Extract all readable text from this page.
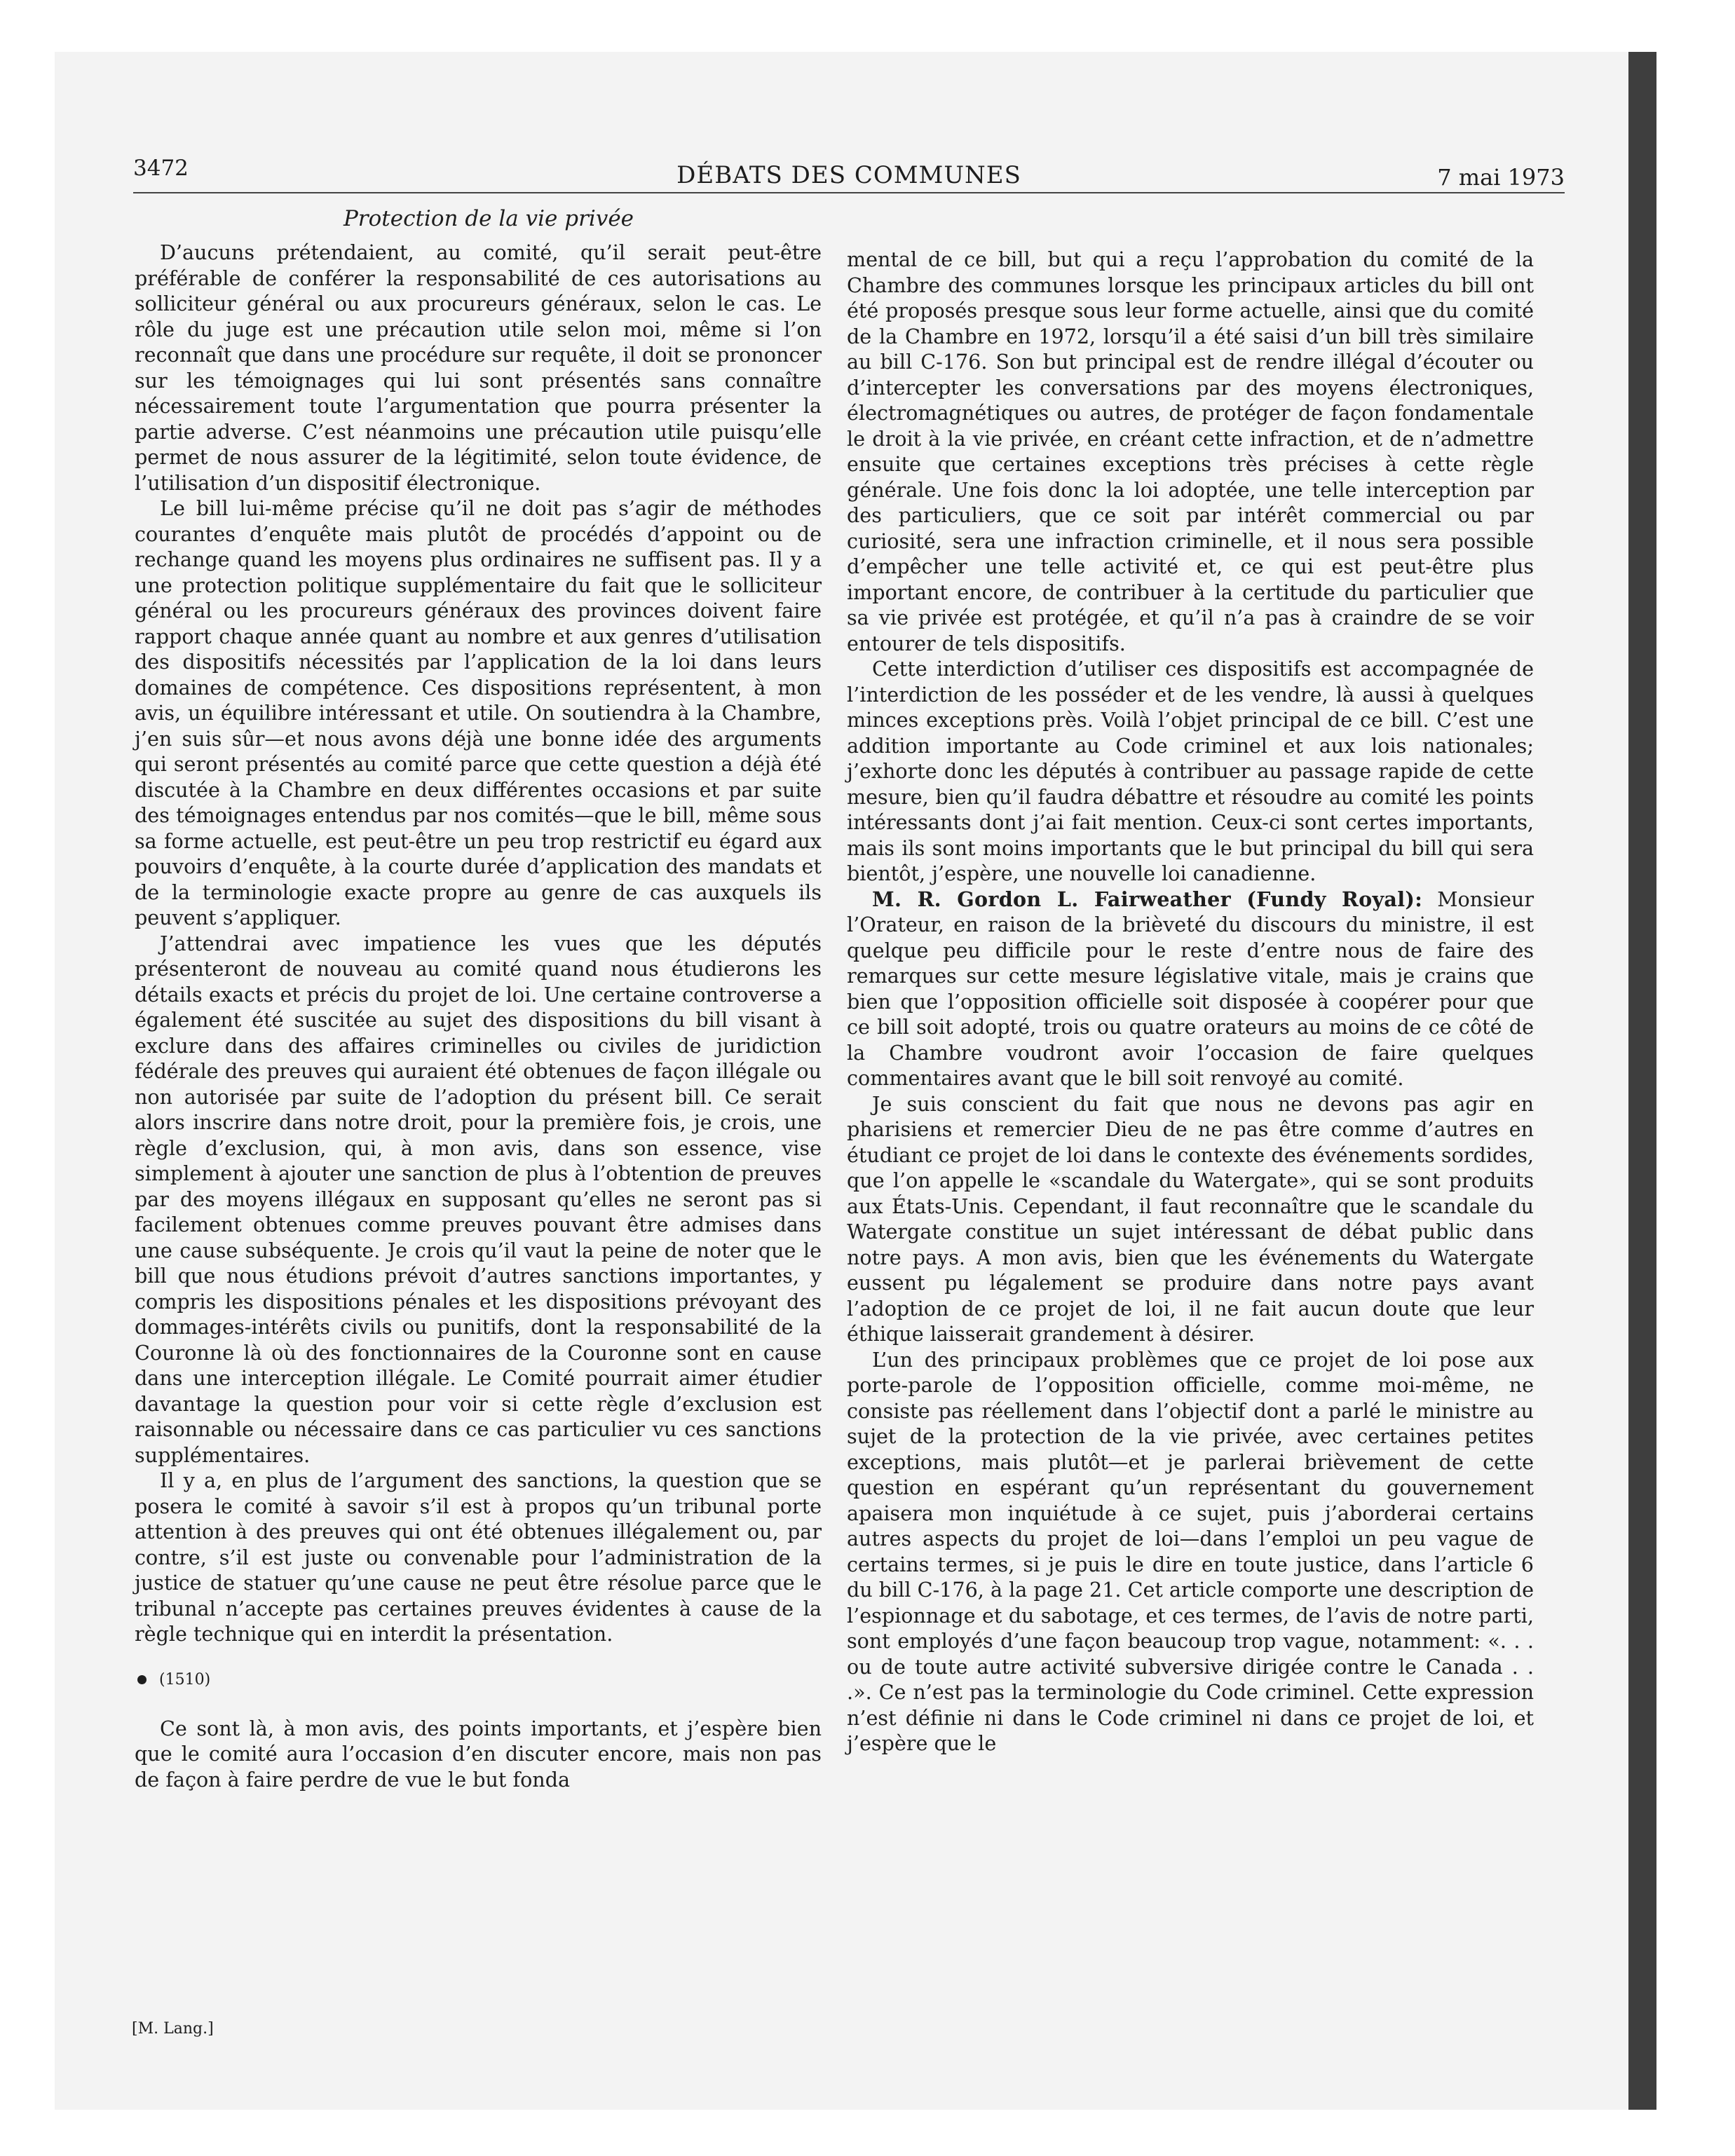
3472	DÉBATS DES COMMUNES	7 mai 1973
Protection de la vie privée

D’aucuns prétendaient, au comité, qu’il serait peut-être préférable de conférer la responsabilité de ces autorisations au solliciteur général ou aux procureurs généraux, selon le cas. Le rôle du juge est une précaution utile selon moi, même si l’on reconnaît que dans une procédure sur requête, il doit se prononcer sur les témoignages qui lui sont présentés sans connaître nécessairement toute l’argumentation que pourra présenter la partie adverse. C’est néanmoins une précaution utile puisqu’elle permet de nous assurer de la légitimité, selon toute évidence, de l’utilisation d’un dispositif électronique.

Le bill lui-même précise qu’il ne doit pas s’agir de méthodes courantes d’enquête mais plutôt de procédés d’appoint ou de rechange quand les moyens plus ordinaires ne suffisent pas. Il y a une protection politique supplémentaire du fait que le solliciteur général ou les procureurs généraux des provinces doivent faire rapport chaque année quant au nombre et aux genres d’utilisation des dispositifs nécessités par l’application de la loi dans leurs domaines de compétence. Ces dispositions représentent, à mon avis, un équilibre intéressant et utile. On soutiendra à la Chambre, j’en suis sûr—et nous avons déjà une bonne idée des arguments qui seront présentés au comité parce que cette question a déjà été discutée à la Chambre en deux différentes occasions et par suite des témoignages entendus par nos comités—que le bill, même sous sa forme actuelle, est peut-être un peu trop restrictif eu égard aux pouvoirs d’enquête, à la courte durée d’application des mandats et de la terminologie exacte propre au genre de cas auxquels ils peuvent s’appliquer.

J’attendrai avec impatience les vues que les députés présenteront de nouveau au comité quand nous étudierons les détails exacts et précis du projet de loi. Une certaine controverse a également été suscitée au sujet des dispositions du bill visant à exclure dans des affaires criminelles ou civiles de juridiction fédérale des preuves qui auraient été obtenues de façon illégale ou non autorisée par suite de l’adoption du présent bill. Ce serait alors inscrire dans notre droit, pour la première fois, je crois, une règle d’exclusion, qui, à mon avis, dans son essence, vise simplement à ajouter une sanction de plus à l’obtention de preuves par des moyens illégaux en supposant qu’elles ne seront pas si facilement obtenues comme preuves pouvant être admises dans une cause subséquente. Je crois qu’il vaut la peine de noter que le bill que nous étudions prévoit d’autres sanctions importantes, y compris les dispositions pénales et les dispositions prévoyant des dommages-intérêts civils ou punitifs, dont la responsabilité de la Couronne là où des fonctionnaires de la Couronne sont en cause dans une interception illégale. Le Comité pourrait aimer étudier davantage la question pour voir si cette règle d’exclusion est raisonnable ou nécessaire dans ce cas particulier vu ces sanctions supplémentaires.

Il y a, en plus de l’argument des sanctions, la question que se posera le comité à savoir s’il est à propos qu’un tribunal porte attention à des preuves qui ont été obtenues illégalement ou, par contre, s’il est juste ou convenable pour l’administration de la justice de statuer qu’une cause ne peut être résolue parce que le tribunal n’accepte pas certaines preuves évidentes à cause de la règle technique qui en interdit la présentation.

(1510)

Ce sont là, à mon avis, des points importants, et j’espère bien que le comité aura l’occasion d’en discuter encore, mais non pas de façon à faire perdre de vue le but fonda

[M. Lang.]

mental de ce bill, but qui a reçu l’approbation du comité de la Chambre des communes lorsque les principaux articles du bill ont été proposés presque sous leur forme actuelle, ainsi que du comité de la Chambre en 1972, lorsqu’il a été saisi d’un bill très similaire au bill C-176. Son but principal est de rendre illégal d’écouter ou d’intercepter les conversations par des moyens électroniques, électromagnétiques ou autres, de protéger de façon fondamentale le droit à la vie privée, en créant cette infraction, et de n’admettre ensuite que certaines exceptions très précises à cette règle générale. Une fois donc la loi adoptée, une telle interception par des particuliers, que ce soit par intérêt commercial ou par curiosité, sera une infraction criminelle, et il nous sera possible d’empêcher une telle activité et, ce qui est peut-être plus important encore, de contribuer à la certitude du particulier que sa vie privée est protégée, et qu’il n’a pas à craindre de se voir entourer de tels dispositifs.

Cette interdiction d’utiliser ces dispositifs est accompagnée de l’interdiction de les posséder et de les vendre, là aussi à quelques minces exceptions près. Voilà l’objet principal de ce bill. C’est une addition importante au Code criminel et aux lois nationales; j’exhorte donc les députés à contribuer au passage rapide de cette mesure, bien qu’il faudra débattre et résoudre au comité les points intéressants dont j’ai fait mention. Ceux-ci sont certes importants, mais ils sont moins importants que le but principal du bill qui sera bientôt, j’espère, une nouvelle loi canadienne.

M. R. Gordon L. Fairweather (Fundy Royal): Monsieur l’Orateur, en raison de la brièveté du discours du ministre, il est quelque peu difficile pour le reste d’entre nous de faire des remarques sur cette mesure législative vitale, mais je crains que bien que l’opposition officielle soit disposée à coopérer pour que ce bill soit adopté, trois ou quatre orateurs au moins de ce côté de la Chambre voudront avoir l’occasion de faire quelques commentaires avant que le bill soit renvoyé au comité.

Je suis conscient du fait que nous ne devons pas agir en pharisiens et remercier Dieu de ne pas être comme d’autres en étudiant ce projet de loi dans le contexte des événements sordides, que l’on appelle le «scandale du Watergate», qui se sont produits aux États-Unis. Cependant, il faut reconnaître que le scandale du Watergate constitue un sujet intéressant de débat public dans notre pays. A mon avis, bien que les événements du Watergate eussent pu légalement se produire dans notre pays avant l’adoption de ce projet de loi, il ne fait aucun doute que leur éthique laisserait grandement à désirer.

L’un des principaux problèmes que ce projet de loi pose aux porte-parole de l’opposition officielle, comme moi-même, ne consiste pas réellement dans l’objectif dont a parlé le ministre au sujet de la protection de la vie privée, avec certaines petites exceptions, mais plutôt—et je parlerai brièvement de cette question en espérant qu’un représentant du gouvernement apaisera mon inquiétude à ce sujet, puis j’aborderai certains autres aspects du projet de loi—dans l’emploi un peu vague de certains termes, si je puis le dire en toute justice, dans l’article 6 du bill C-176, à la page 21. Cet article comporte une description de l’espionnage et du sabotage, et ces termes, de l’avis de notre parti, sont employés d’une façon beaucoup trop vague, notamment: «. . . ou de toute autre activité subversive dirigée contre le Canada . . .». Ce n’est pas la terminologie du Code criminel. Cette expression n’est définie ni dans le Code criminel ni dans ce projet de loi, et j’espère que le
